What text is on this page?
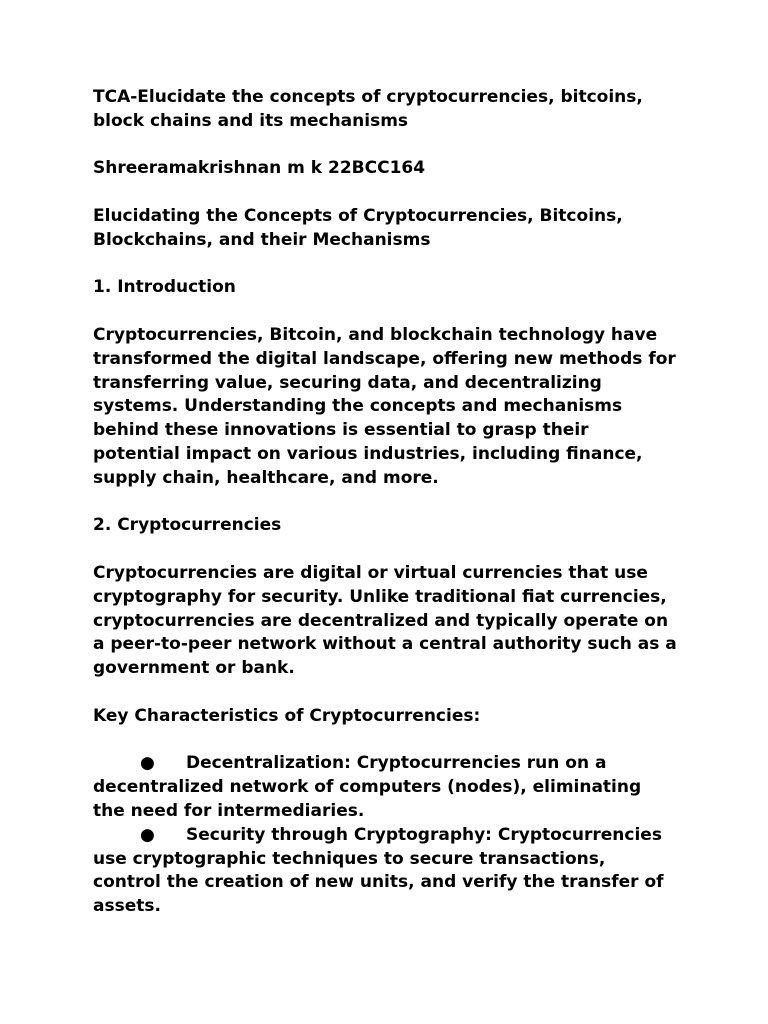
TCA-Elucidate the concepts of cryptocurrencies, bitcoins, block chains and its mechanisms

Shreeramakrishnan m k 22BCC164

Elucidating the Concepts of Cryptocurrencies, Bitcoins, Blockchains, and their Mechanisms

1. Introduction

Cryptocurrencies, Bitcoin, and blockchain technology have transformed the digital landscape, offering new methods for transferring value, securing data, and decentralizing systems. Understanding the concepts and mechanisms behind these innovations is essential to grasp their potential impact on various industries, including finance, supply chain, healthcare, and more.

2. Cryptocurrencies

Cryptocurrencies are digital or virtual currencies that use cryptography for security. Unlike traditional fiat currencies, cryptocurrencies are decentralized and typically operate on a peer-to-peer network without a central authority such as a government or bank.

Key Characteristics of Cryptocurrencies:

● Decentralization: Cryptocurrencies run on a decentralized network of computers (nodes), eliminating the need for intermediaries.

● Security through Cryptography: Cryptocurrencies use cryptographic techniques to secure transactions, control the creation of new units, and verify the transfer of assets.
